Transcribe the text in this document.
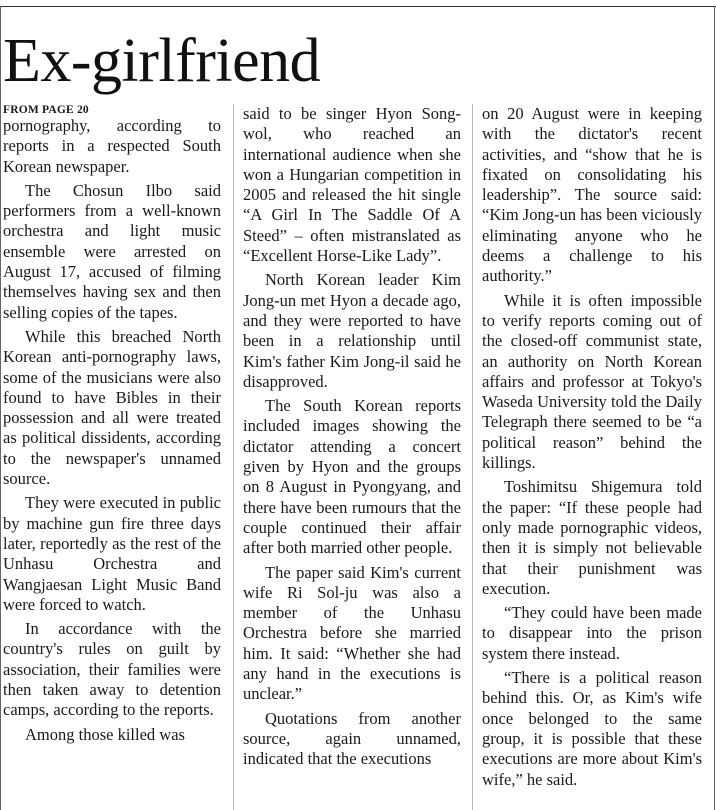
Ex-girlfriend
FROM PAGE 20

pornography, according to reports in a respected South Korean newspaper.

The Chosun Ilbo said performers from a well-known orchestra and light music ensemble were arrested on August 17, accused of filming themselves having sex and then selling copies of the tapes.

While this breached North Korean anti-pornography laws, some of the musicians were also found to have Bibles in their possession and all were treated as political dissidents, according to the newspaper's unnamed source.

They were executed in public by machine gun fire three days later, reportedly as the rest of the Unhasu Orchestra and Wangjaesan Light Music Band were forced to watch.

In accordance with the country's rules on guilt by association, their families were then taken away to detention camps, according to the reports.

Among those killed was

said to be singer Hyon Song-wol, who reached an international audience when she won a Hungarian competition in 2005 and released the hit single “A Girl In The Saddle Of A Steed” – often mistranslated as “Excellent Horse-Like Lady”.

North Korean leader Kim Jong-un met Hyon a decade ago, and they were reported to have been in a relationship until Kim's father Kim Jong-il said he disapproved.

The South Korean reports included images showing the dictator attending a concert given by Hyon and the groups on 8 August in Pyongyang, and there have been rumours that the couple continued their affair after both married other people.

The paper said Kim's current wife Ri Sol-ju was also a member of the Unhasu Orchestra before she married him. It said: “Whether she had any hand in the executions is unclear.”

Quotations from another source, again unnamed, indicated that the executions

on 20 August were in keeping with the dictator's recent activities, and “show that he is fixated on consolidating his leadership”. The source said: “Kim Jong-un has been viciously eliminating anyone who he deems a challenge to his authority.”

While it is often impossible to verify reports coming out of the closed-off communist state, an authority on North Korean affairs and professor at Tokyo's Waseda University told the Daily Telegraph there seemed to be “a political reason” behind the killings.

Toshimitsu Shigemura told the paper: “If these people had only made pornographic videos, then it is simply not believable that their punishment was execution.

“They could have been made to disappear into the prison system there instead.

“There is a political reason behind this. Or, as Kim's wife once belonged to the same group, it is possible that these executions are more about Kim's wife,” he said.
